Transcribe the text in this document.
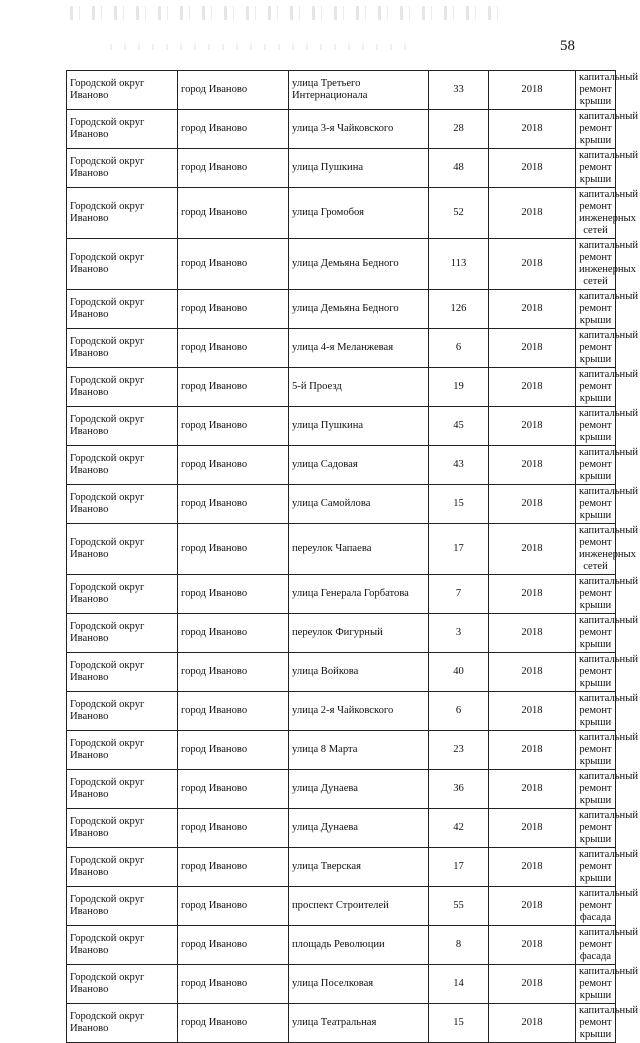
58
Городской округ Иваново	город Иваново	улица Третьего Интернационала	33	2018	капитальный ремонт крыши
Городской округ Иваново	город Иваново	улица 3-я Чайковского	28	2018	капитальный ремонт крыши
Городской округ Иваново	город Иваново	улица Пушкина	48	2018	капитальный ремонт крыши
Городской округ Иваново	город Иваново	улица Громобоя	52	2018	капитальный ремонт инженерных сетей
Городской округ Иваново	город Иваново	улица Демьяна Бедного	113	2018	капитальный ремонт инженерных сетей
Городской округ Иваново	город Иваново	улица Демьяна Бедного	126	2018	капитальный ремонт крыши
Городской округ Иваново	город Иваново	улица 4-я Меланжевая	6	2018	капитальный ремонт крыши
Городской округ Иваново	город Иваново	5-й Проезд	19	2018	капитальный ремонт крыши
Городской округ Иваново	город Иваново	улица Пушкина	45	2018	капитальный ремонт крыши
Городской округ Иваново	город Иваново	улица Садовая	43	2018	капитальный ремонт крыши
Городской округ Иваново	город Иваново	улица Самойлова	15	2018	капитальный ремонт крыши
Городской округ Иваново	город Иваново	переулок Чапаева	17	2018	капитальный ремонт инженерных сетей
Городской округ Иваново	город Иваново	улица Генерала Горбатова	7	2018	капитальный ремонт крыши
Городской округ Иваново	город Иваново	переулок Фигурный	3	2018	капитальный ремонт крыши
Городской округ Иваново	город Иваново	улица Войкова	40	2018	капитальный ремонт крыши
Городской округ Иваново	город Иваново	улица 2-я Чайковского	6	2018	капитальный ремонт крыши
Городской округ Иваново	город Иваново	улица 8 Марта	23	2018	капитальный ремонт крыши
Городской округ Иваново	город Иваново	улица Дунаева	36	2018	капитальный ремонт крыши
Городской округ Иваново	город Иваново	улица Дунаева	42	2018	капитальный ремонт крыши
Городской округ Иваново	город Иваново	улица Тверская	17	2018	капитальный ремонт крыши
Городской округ Иваново	город Иваново	проспект Строителей	55	2018	капитальный ремонт фасада
Городской округ Иваново	город Иваново	площадь Революции	8	2018	капитальный ремонт фасада
Городской округ Иваново	город Иваново	улица Поселковая	14	2018	капитальный ремонт крыши
Городской округ Иваново	город Иваново	улица Театральная	15	2018	капитальный ремонт крыши
